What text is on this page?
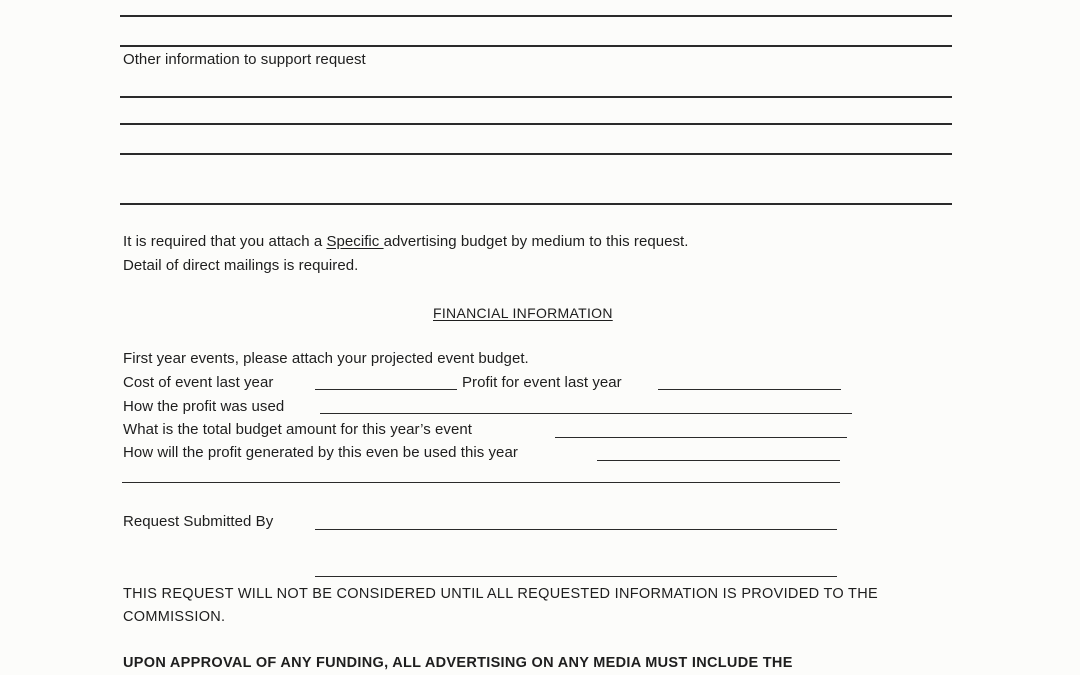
Other information to support request
It is required that you attach a Specific advertising budget by medium to this request.
Detail of direct mailings is required.
FINANCIAL INFORMATION
First year events, please attach your projected event budget.
Cost of event last year	Profit for event last year
How the profit was used
What is the total budget amount for this year’s event
How will the profit generated by this even be used this year
Request Submitted By
THIS REQUEST WILL NOT BE CONSIDERED UNTIL ALL REQUESTED INFORMATION IS PROVIDED TO THE
COMMISSION.
UPON APPROVAL OF ANY FUNDING, ALL ADVERTISING ON ANY MEDIA MUST INCLUDE THE
